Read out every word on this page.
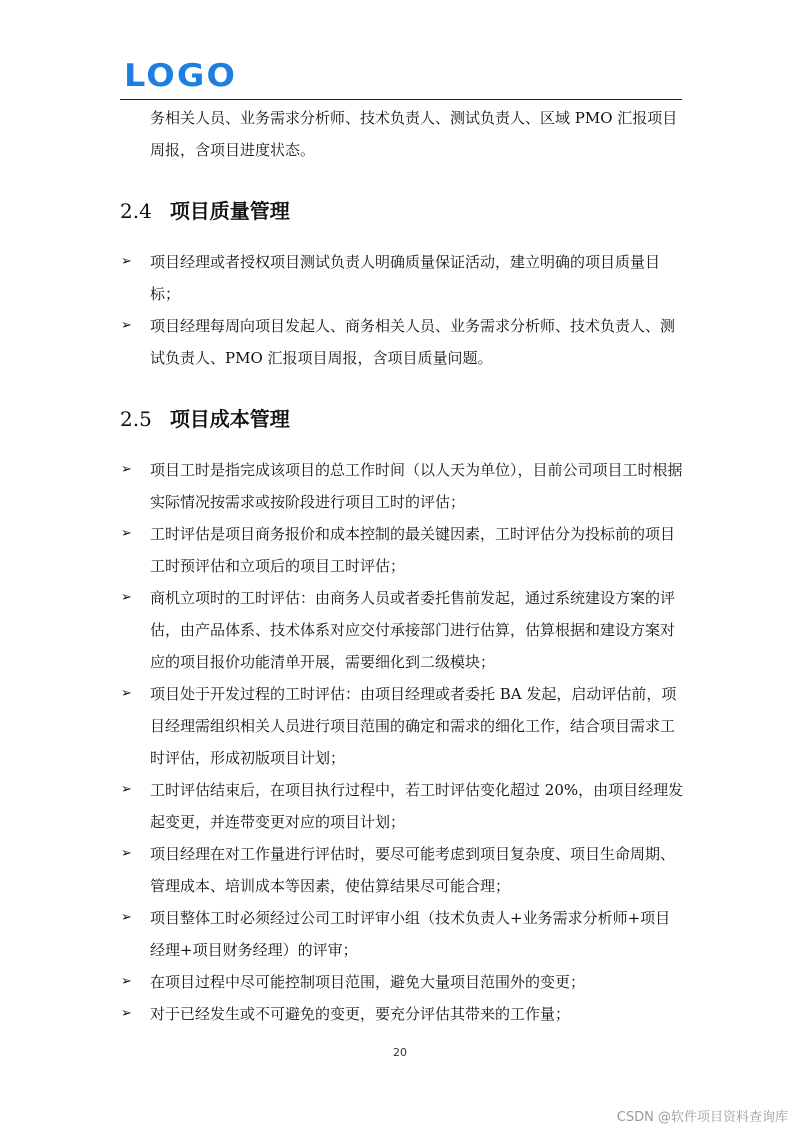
LOGO

务相关人员、业务需求分析师、技术负责人、测试负责人、区域 PMO 汇报项目周报，含项目进度状态。

2.4 项目质量管理
➢ 项目经理或者授权项目测试负责人明确质量保证活动，建立明确的项目质量目标；
➢ 项目经理每周向项目发起人、商务相关人员、业务需求分析师、技术负责人、测试负责人、PMO 汇报项目周报，含项目质量问题。
2.5 项目成本管理
➢ 项目工时是指完成该项目的总工作时间（以人天为单位），目前公司项目工时根据实际情况按需求或按阶段进行项目工时的评估；
➢ 工时评估是项目商务报价和成本控制的最关键因素，工时评估分为投标前的项目工时预评估和立项后的项目工时评估；
➢ 商机立项时的工时评估：由商务人员或者委托售前发起，通过系统建设方案的评估，由产品体系、技术体系对应交付承接部门进行估算，估算根据和建设方案对应的项目报价功能清单开展，需要细化到二级模块；
➢ 项目处于开发过程的工时评估：由项目经理或者委托 BA 发起，启动评估前，项目经理需组织相关人员进行项目范围的确定和需求的细化工作，结合项目需求工时评估，形成初版项目计划；
➢ 工时评估结束后，在项目执行过程中，若工时评估变化超过 20%，由项目经理发起变更，并连带变更对应的项目计划；
➢ 项目经理在对工作量进行评估时，要尽可能考虑到项目复杂度、项目生命周期、管理成本、培训成本等因素，使估算结果尽可能合理；
➢ 项目整体工时必须经过公司工时评审小组（技术负责人+业务需求分析师+项目经理+项目财务经理）的评审；
➢ 在项目过程中尽可能控制项目范围，避免大量项目范围外的变更；
➢ 对于已经发生或不可避免的变更，要充分评估其带来的工作量；
20
CSDN @软件项目资料查询库
